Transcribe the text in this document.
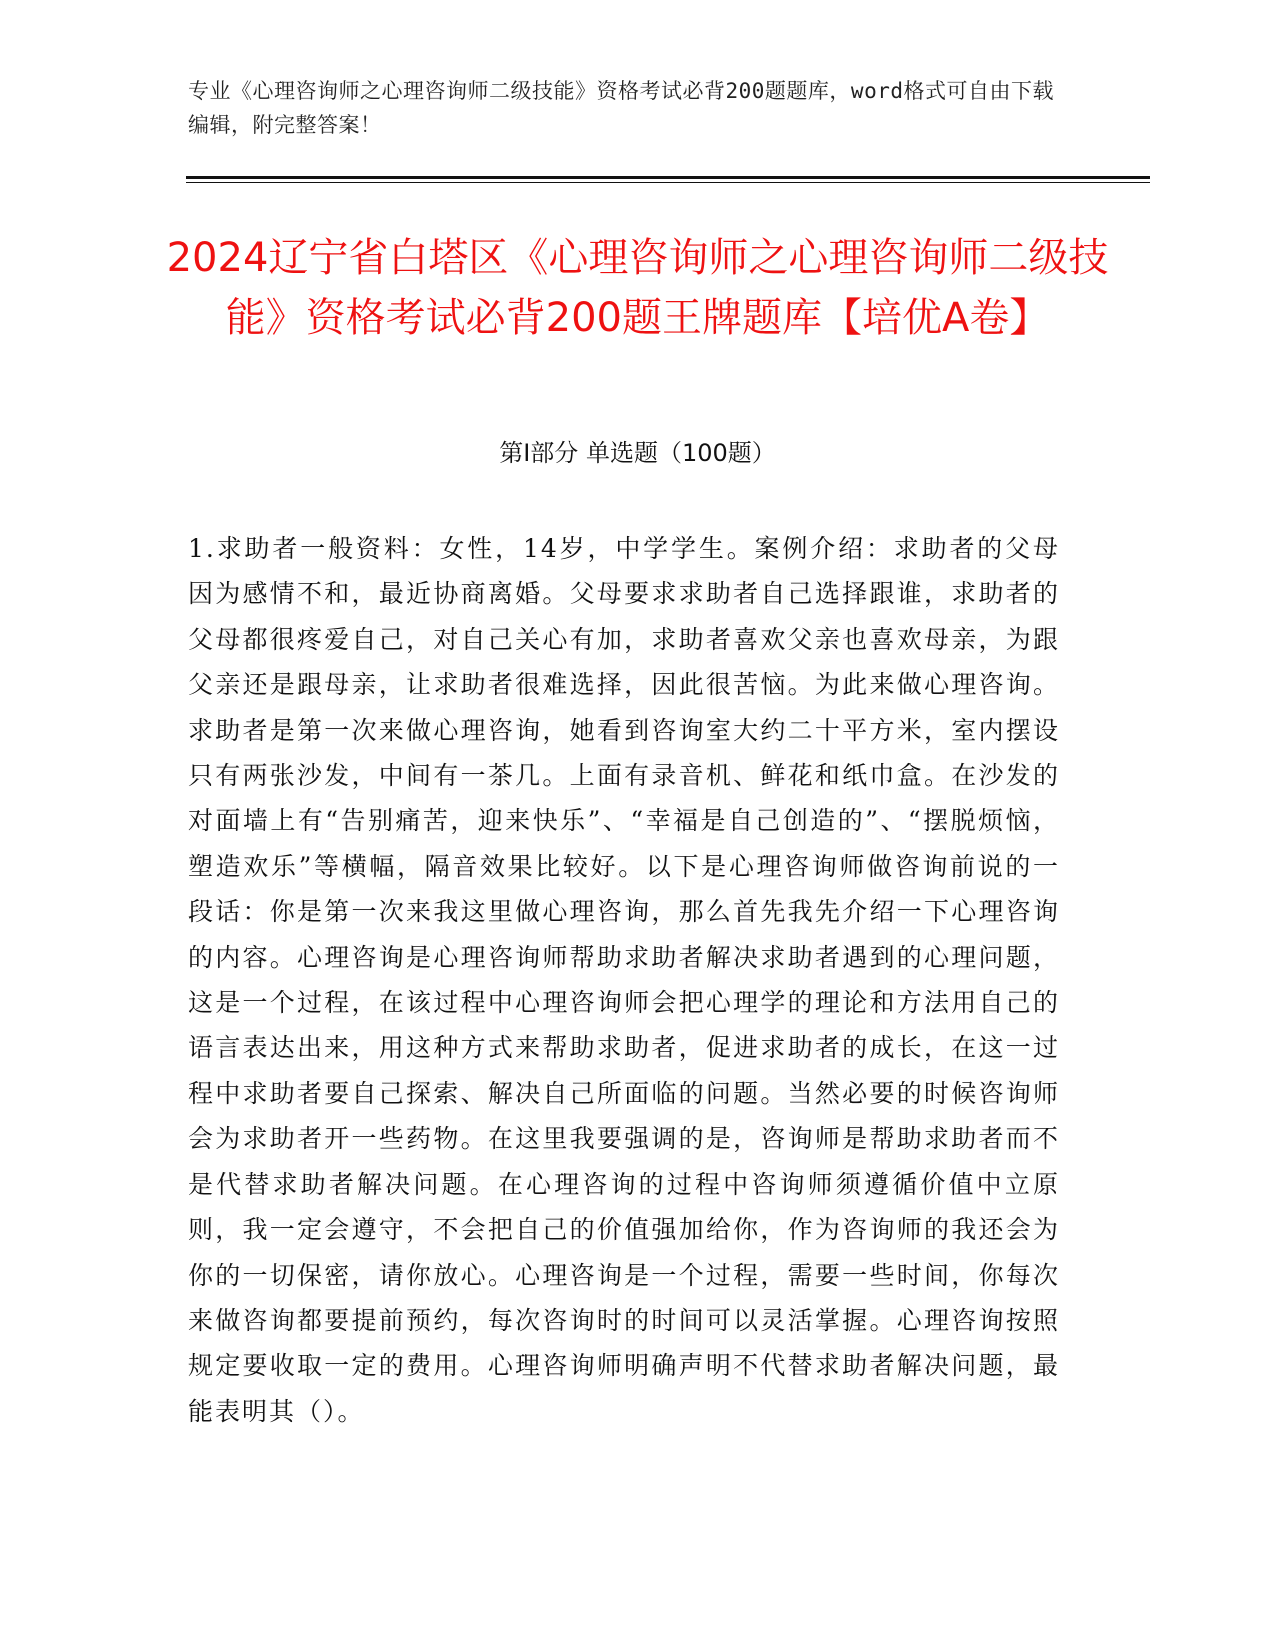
专业《心理咨询师之心理咨询师二级技能》资格考试必背200题题库，word格式可自由下载编辑，附完整答案！
2024辽宁省白塔区《心理咨询师之心理咨询师二级技能》资格考试必背200题王牌题库【培优A卷】
第Ⅰ部分 单选题（100题）

1.求助者一般资料：女性，14岁，中学学生。案例介绍：求助者的父母因为感情不和，最近协商离婚。父母要求求助者自己选择跟谁，求助者的父母都很疼爱自己，对自己关心有加，求助者喜欢父亲也喜欢母亲，为跟父亲还是跟母亲，让求助者很难选择，因此很苦恼。为此来做心理咨询。求助者是第一次来做心理咨询，她看到咨询室大约二十平方米，室内摆设只有两张沙发，中间有一茶几。上面有录音机、鲜花和纸巾盒。在沙发的对面墙上有“告别痛苦，迎来快乐”、“幸福是自己创造的”、“摆脱烦恼，塑造欢乐”等横幅，隔音效果比较好。以下是心理咨询师做咨询前说的一段话：你是第一次来我这里做心理咨询，那么首先我先介绍一下心理咨询的内容。心理咨询是心理咨询师帮助求助者解决求助者遇到的心理问题，这是一个过程，在该过程中心理咨询师会把心理学的理论和方法用自己的语言表达出来，用这种方式来帮助求助者，促进求助者的成长，在这一过程中求助者要自己探索、解决自己所面临的问题。当然必要的时候咨询师会为求助者开一些药物。在这里我要强调的是，咨询师是帮助求助者而不是代替求助者解决问题。在心理咨询的过程中咨询师须遵循价值中立原则，我一定会遵守，不会把自己的价值强加给你，作为咨询师的我还会为你的一切保密，请你放心。心理咨询是一个过程，需要一些时间，你每次来做咨询都要提前预约，每次咨询时的时间可以灵活掌握。心理咨询按照规定要收取一定的费用。心理咨询师明确声明不代替求助者解决问题，最能表明其（）。
